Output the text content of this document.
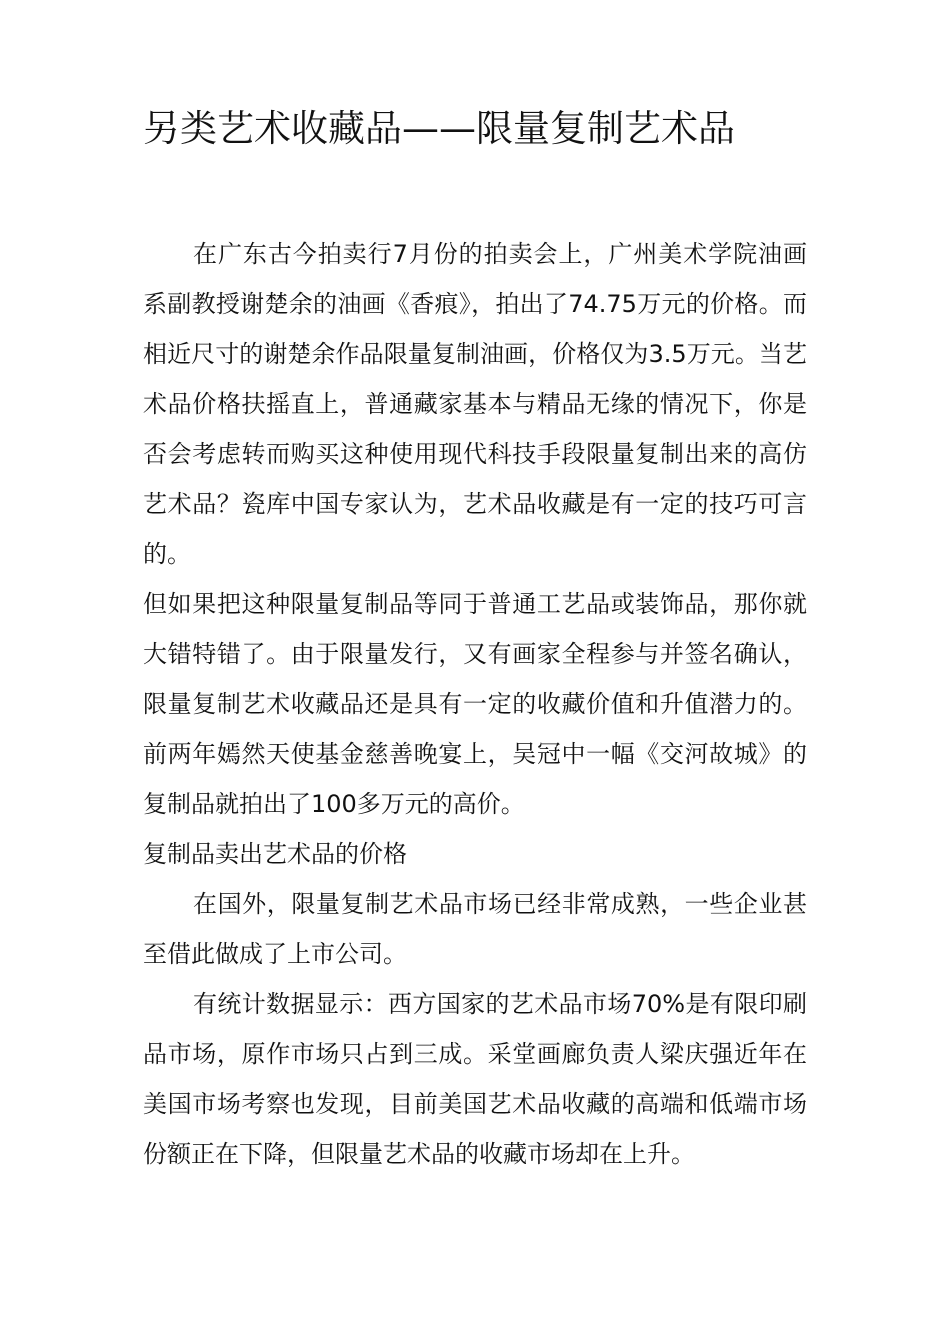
另类艺术收藏品——限量复制艺术品

在广东古今拍卖行7月份的拍卖会上，广州美术学院油画系副教授谢楚余的油画《香痕》，拍出了74.75万元的价格。而相近尺寸的谢楚余作品限量复制油画，价格仅为3.5万元。当艺术品价格扶摇直上，普通藏家基本与精品无缘的情况下，你是否会考虑转而购买这种使用现代科技手段限量复制出来的高仿艺术品？瓷库中国专家认为，艺术品收藏是有一定的技巧可言的。

但如果把这种限量复制品等同于普通工艺品或装饰品，那你就大错特错了。由于限量发行，又有画家全程参与并签名确认，限量复制艺术收藏品还是具有一定的收藏价值和升值潜力的。前两年嫣然天使基金慈善晚宴上，吴冠中一幅《交河故城》的复制品就拍出了100多万元的高价。

复制品卖出艺术品的价格

在国外，限量复制艺术品市场已经非常成熟，一些企业甚至借此做成了上市公司。

有统计数据显示：西方国家的艺术品市场70%是有限印刷品市场，原作市场只占到三成。采堂画廊负责人梁庆强近年在美国市场考察也发现，目前美国艺术品收藏的高端和低端市场份额正在下降，但限量艺术品的收藏市场却在上升。
